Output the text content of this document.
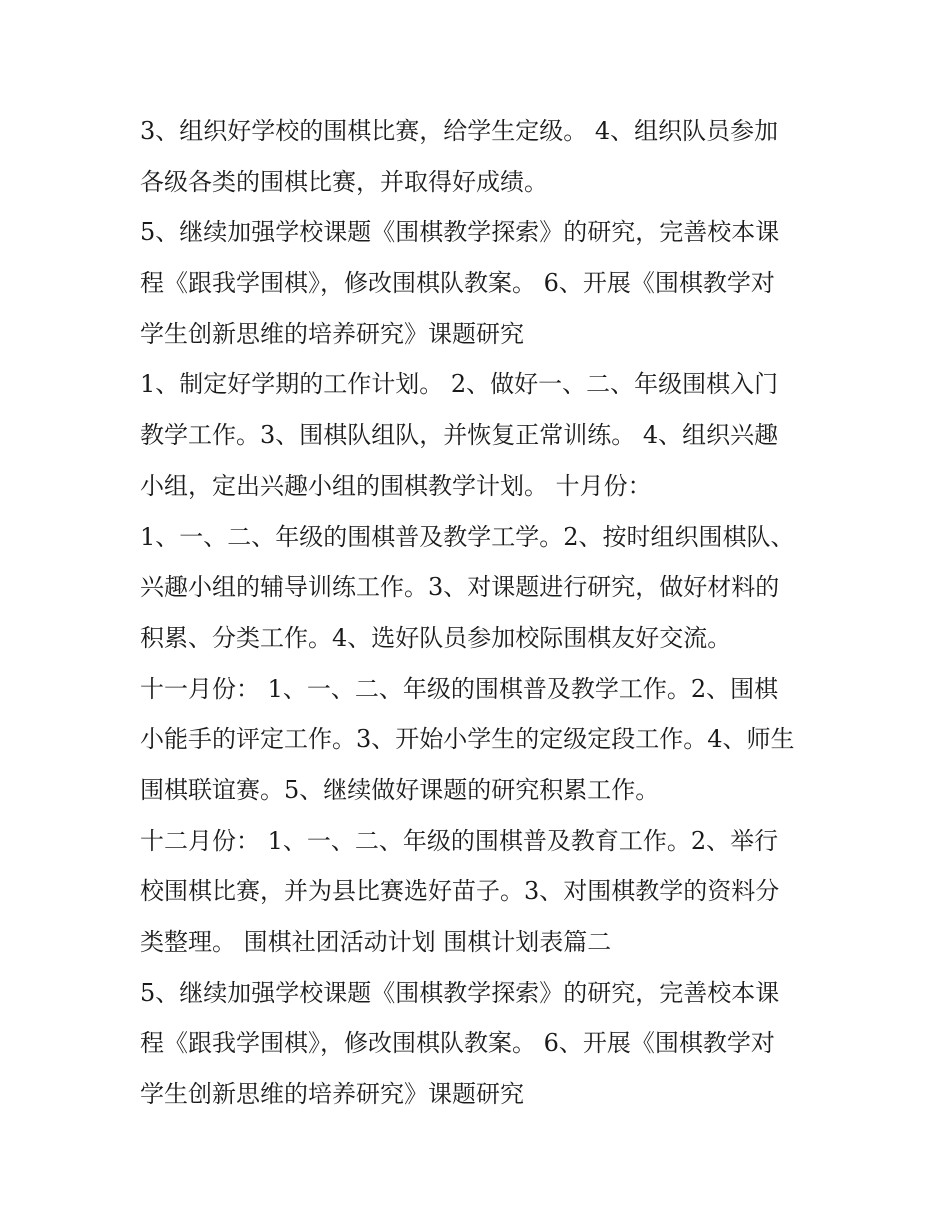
3、组织好学校的围棋比赛，给学生定级。 4、组织队员参加
各级各类的围棋比赛，并取得好成绩。
5、继续加强学校课题《围棋教学探索》的研究，完善校本课
程《跟我学围棋》，修改围棋队教案。 6、开展《围棋教学对
学生创新思维的培养研究》课题研究
1、制定好学期的工作计划。 2、做好一、二、年级围棋入门
教学工作。3、围棋队组队，并恢复正常训练。 4、组织兴趣
小组，定出兴趣小组的围棋教学计划。 十月份：
1、一、二、年级的围棋普及教学工学。2、按时组织围棋队、
兴趣小组的辅导训练工作。3、对课题进行研究，做好材料的
积累、分类工作。4、选好队员参加校际围棋友好交流。
十一月份： 1、一、二、年级的围棋普及教学工作。2、围棋
小能手的评定工作。3、开始小学生的定级定段工作。4、师生
围棋联谊赛。5、继续做好课题的研究积累工作。
十二月份： 1、一、二、年级的围棋普及教育工作。2、举行
校围棋比赛，并为县比赛选好苗子。3、对围棋教学的资料分
类整理。 围棋社团活动计划 围棋计划表篇二
5、继续加强学校课题《围棋教学探索》的研究，完善校本课
程《跟我学围棋》，修改围棋队教案。 6、开展《围棋教学对
学生创新思维的培养研究》课题研究
